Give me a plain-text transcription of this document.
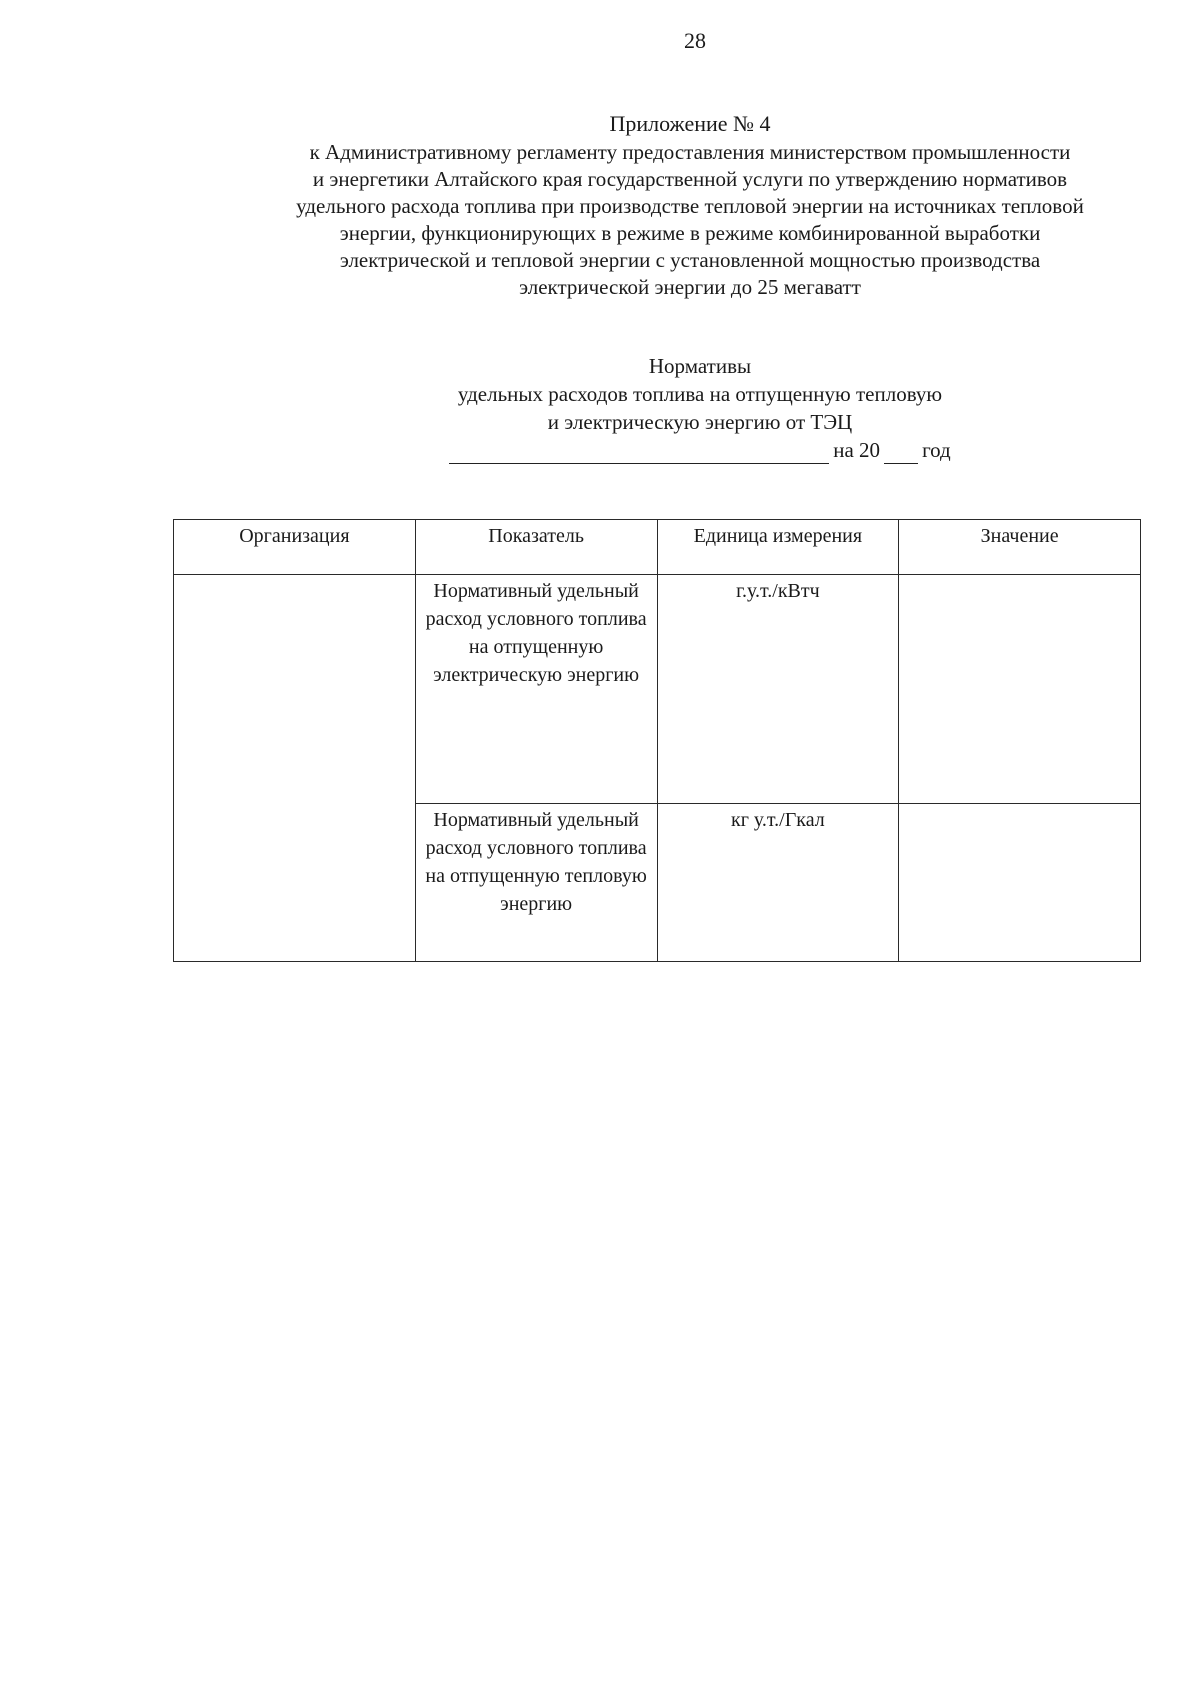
28
Приложение № 4
к Административному регламенту предоставления министерством промышленности
и энергетики Алтайского края государственной услуги по утверждению нормативов
удельного расхода топлива при производстве тепловой энергии на источниках тепловой
энергии, функционирующих в режиме в режиме комбинированной выработки
электрической и тепловой энергии с установленной мощностью производства
электрической энергии до 25 мегаватт
Нормативы
удельных расходов топлива на отпущенную тепловую
и электрическую энергию от ТЭЦ
на 20 год
Организация	Показатель	Единица измерения	Значение
	Нормативный удельный расход условного топлива на отпущенную электрическую энергию	г.у.т./кВтч	
	Нормативный удельный расход условного топлива на отпущенную тепловую энергию	кг у.т./Гкал	
